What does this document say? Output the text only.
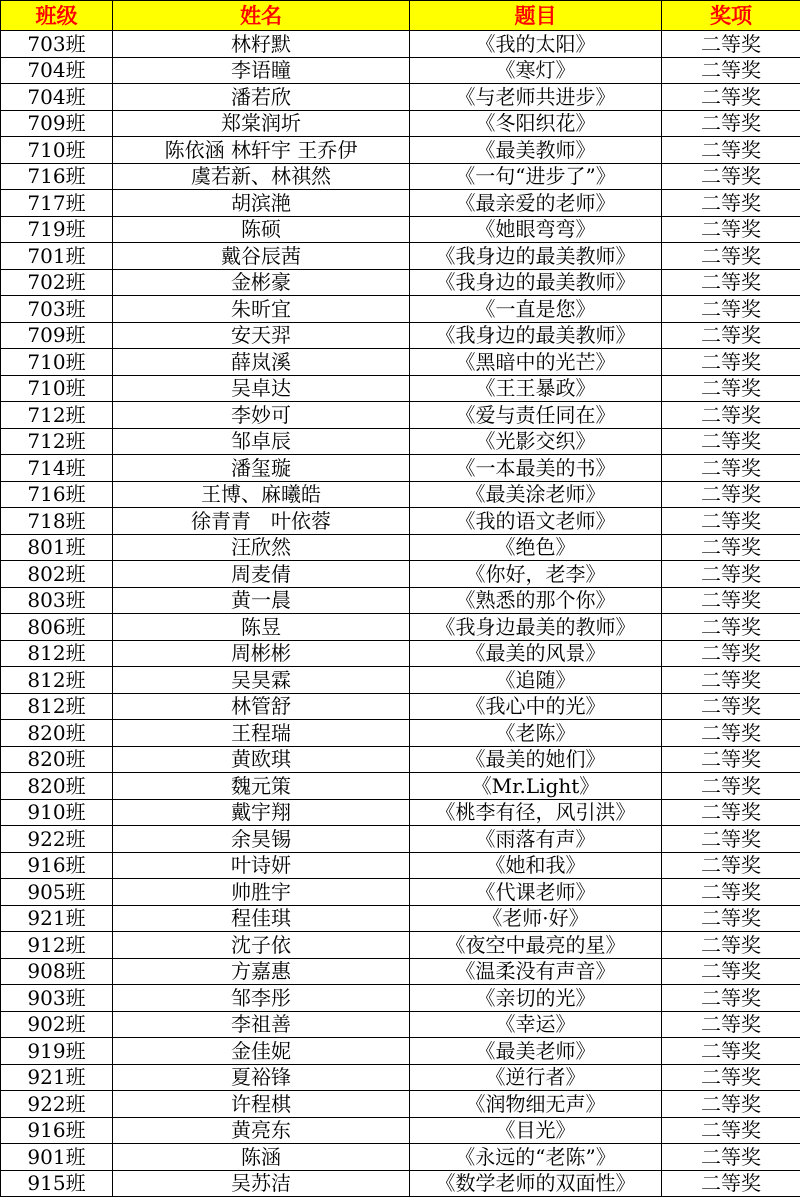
班级	姓名	题目	奖项
703班	林籽默	《我的太阳》	二等奖
704班	李语瞳	《寒灯》	二等奖
704班	潘若欣	《与老师共进步》	二等奖
709班	郑棠润圻	《冬阳织花》	二等奖
710班	陈依涵 林轩宇 王乔伊	《最美教师》	二等奖
716班	虞若新、林祺然	《一句“进步了”》	二等奖
717班	胡滨滟	《最亲爱的老师》	二等奖
719班	陈硕	《她眼弯弯》	二等奖
701班	戴谷辰茜	《我身边的最美教师》	二等奖
702班	金彬豪	《我身边的最美教师》	二等奖
703班	朱昕宜	《一直是您》	二等奖
709班	安天羿	《我身边的最美教师》	二等奖
710班	薛岚溪	《黑暗中的光芒》	二等奖
710班	吴卓达	《王王暴政》	二等奖
712班	李妙可	《爱与责任同在》	二等奖
712班	邹卓辰	《光影交织》	二等奖
714班	潘玺璇	《一本最美的书》	二等奖
716班	王博、麻曦皓	《最美涂老师》	二等奖
718班	徐青青　叶依蓉	《我的语文老师》	二等奖
801班	汪欣然	《绝色》	二等奖
802班	周麦倩	《你好，老李》	二等奖
803班	黄一晨	《熟悉的那个你》	二等奖
806班	陈昱	《我身边最美的教师》	二等奖
812班	周彬彬	《最美的风景》	二等奖
812班	吴昊霖	《追随》	二等奖
812班	林管舒	《我心中的光》	二等奖
820班	王程瑞	《老陈》	二等奖
820班	黄欧琪	《最美的她们》	二等奖
820班	魏元策	《Mr.Light》	二等奖
910班	戴宇翔	《桃李有径，风引洪》	二等奖
922班	余昊锡	《雨落有声》	二等奖
916班	叶诗妍	《她和我》	二等奖
905班	帅胜宇	《代课老师》	二等奖
921班	程佳琪	《老师·好》	二等奖
912班	沈子依	《夜空中最亮的星》	二等奖
908班	方嘉惠	《温柔没有声音》	二等奖
903班	邹李彤	《亲切的光》	二等奖
902班	李祖善	《幸运》	二等奖
919班	金佳妮	《最美老师》	二等奖
921班	夏裕锋	《逆行者》	二等奖
922班	许程棋	《润物细无声》	二等奖
916班	黄亮东	《目光》	二等奖
901班	陈涵	《永远的“老陈”》	二等奖
915班	吴苏洁	《数学老师的双面性》	二等奖
